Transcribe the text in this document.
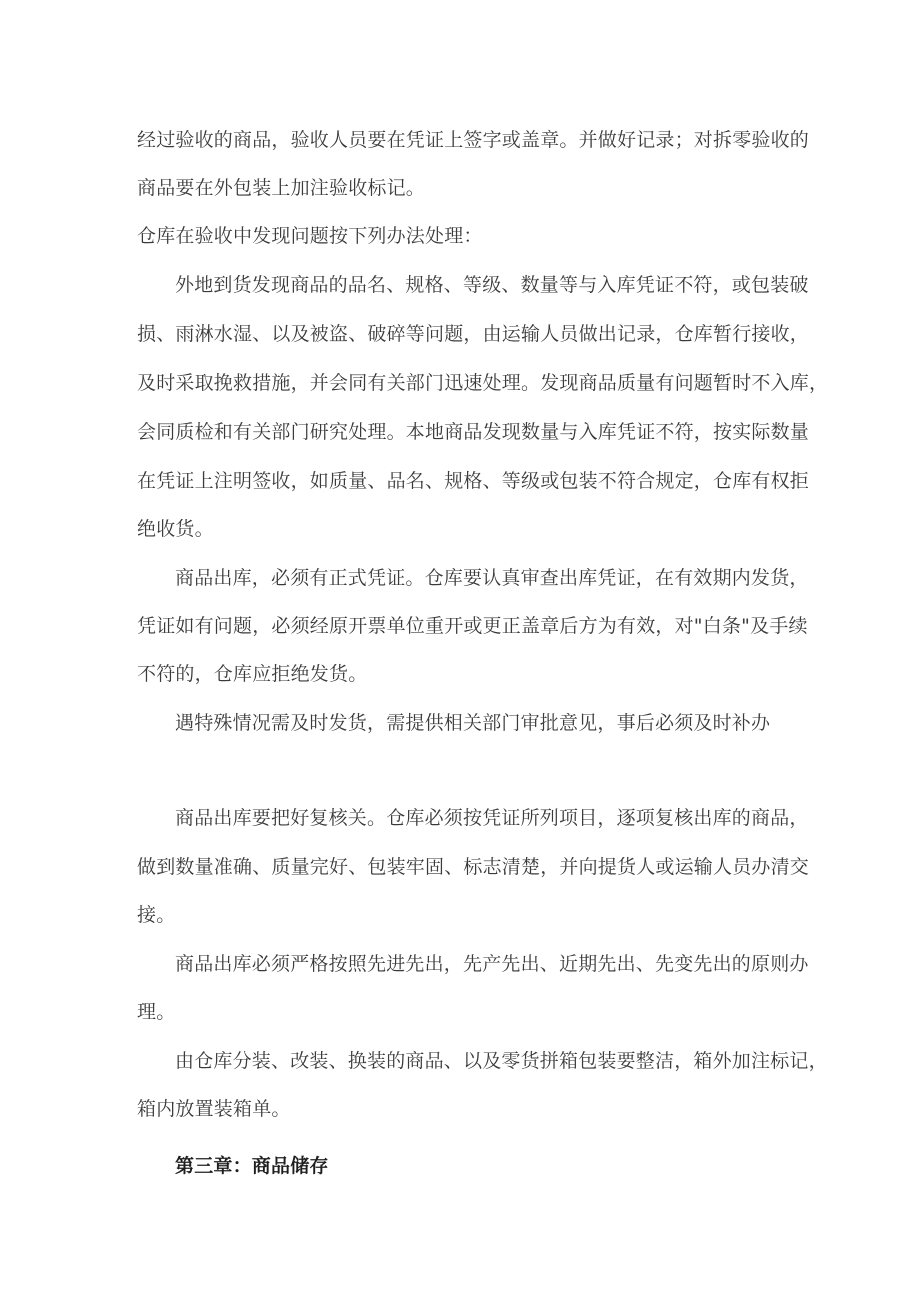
经过验收的商品，验收人员要在凭证上签字或盖章。并做好记录；对拆零验收的
商品要在外包装上加注验收标记。
仓库在验收中发现问题按下列办法处理：
外地到货发现商品的品名、规格、等级、数量等与入库凭证不符，或包装破
损、雨淋水湿、以及被盗、破碎等问题，由运输人员做出记录，仓库暂行接收，
及时采取挽救措施，并会同有关部门迅速处理。发现商品质量有问题暂时不入库，
会同质检和有关部门研究处理。本地商品发现数量与入库凭证不符，按实际数量
在凭证上注明签收，如质量、品名、规格、等级或包装不符合规定，仓库有权拒
绝收货。
商品出库，必须有正式凭证。仓库要认真审查出库凭证，在有效期内发货，
凭证如有问题，必须经原开票单位重开或更正盖章后方为有效，对"白条"及手续
不符的，仓库应拒绝发货。
遇特殊情况需及时发货，需提供相关部门审批意见，事后必须及时补办
商品出库要把好复核关。仓库必须按凭证所列项目，逐项复核出库的商品，
做到数量准确、质量完好、包装牢固、标志清楚，并向提货人或运输人员办清交
接。
商品出库必须严格按照先进先出，先产先出、近期先出、先变先出的原则办
理。
由仓库分装、改装、换装的商品、以及零货拼箱包装要整洁，箱外加注标记，
箱内放置装箱单。
第三章：商品储存
